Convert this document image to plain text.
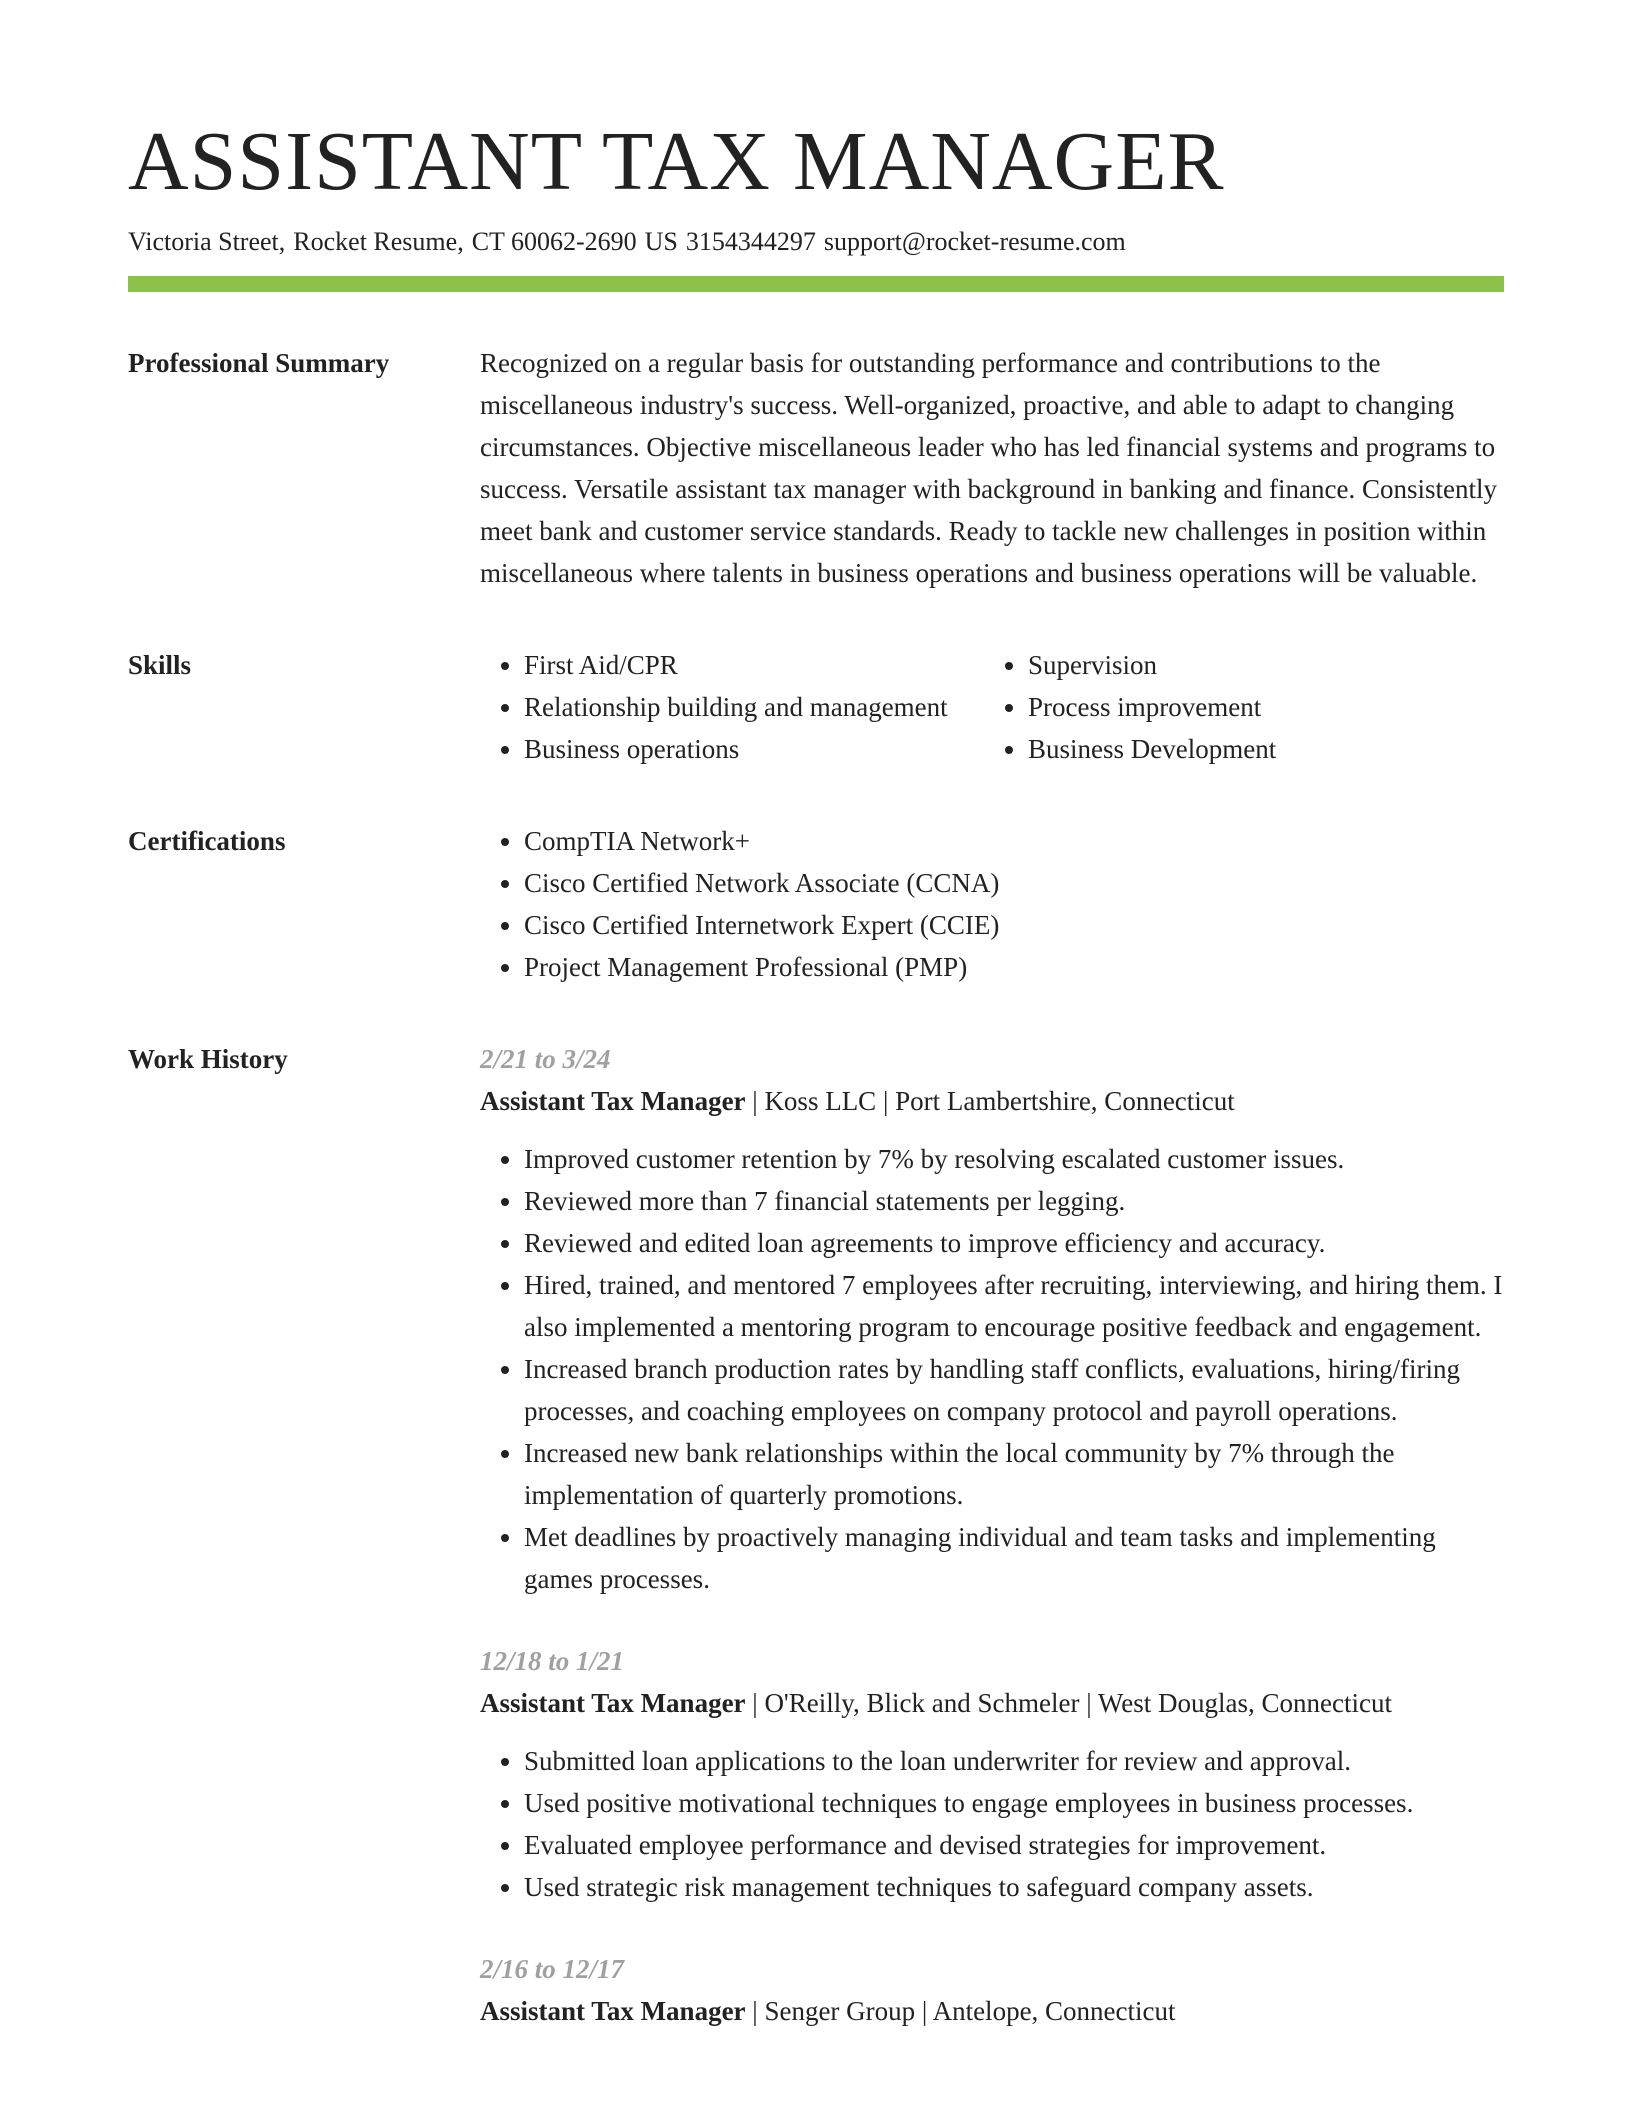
ASSISTANT TAX MANAGER
Victoria Street, Rocket Resume, CT 60062-2690 US 3154344297 support@rocket-resume.com
Professional Summary	Recognized on a regular basis for outstanding performance and contributions to the miscellaneous industry's success. Well-organized, proactive, and able to adapt to changing circumstances. Objective miscellaneous leader who has led financial systems and programs to success. Versatile assistant tax manager with background in banking and finance. Consistently meet bank and customer service standards. Ready to tackle new challenges in position within miscellaneous where talents in business operations and business operations will be valuable.

Skills	• First Aid/CPR
• Relationship building and management
• Business operations
• Supervision
• Process improvement
• Business Development
Certifications	• CompTIA Network+
• Cisco Certified Network Associate (CCNA)
• Cisco Certified Internetwork Expert (CCIE)
• Project Management Professional (PMP)
Work History	2/21 to 3/24
Assistant Tax Manager | Koss LLC | Port Lambertshire, Connecticut
• Improved customer retention by 7% by resolving escalated customer issues.
• Reviewed more than 7 financial statements per legging.
• Reviewed and edited loan agreements to improve efficiency and accuracy.
• Hired, trained, and mentored 7 employees after recruiting, interviewing, and hiring them. I also implemented a mentoring program to encourage positive feedback and engagement.
• Increased branch production rates by handling staff conflicts, evaluations, hiring/firing processes, and coaching employees on company protocol and payroll operations.
• Increased new bank relationships within the local community by 7% through the implementation of quarterly promotions.
• Met deadlines by proactively managing individual and team tasks and implementing games processes.
12/18 to 1/21
Assistant Tax Manager | O'Reilly, Blick and Schmeler | West Douglas, Connecticut
• Submitted loan applications to the loan underwriter for review and approval.
• Used positive motivational techniques to engage employees in business processes.
• Evaluated employee performance and devised strategies for improvement.
• Used strategic risk management techniques to safeguard company assets.
2/16 to 12/17
Assistant Tax Manager | Senger Group | Antelope, Connecticut
